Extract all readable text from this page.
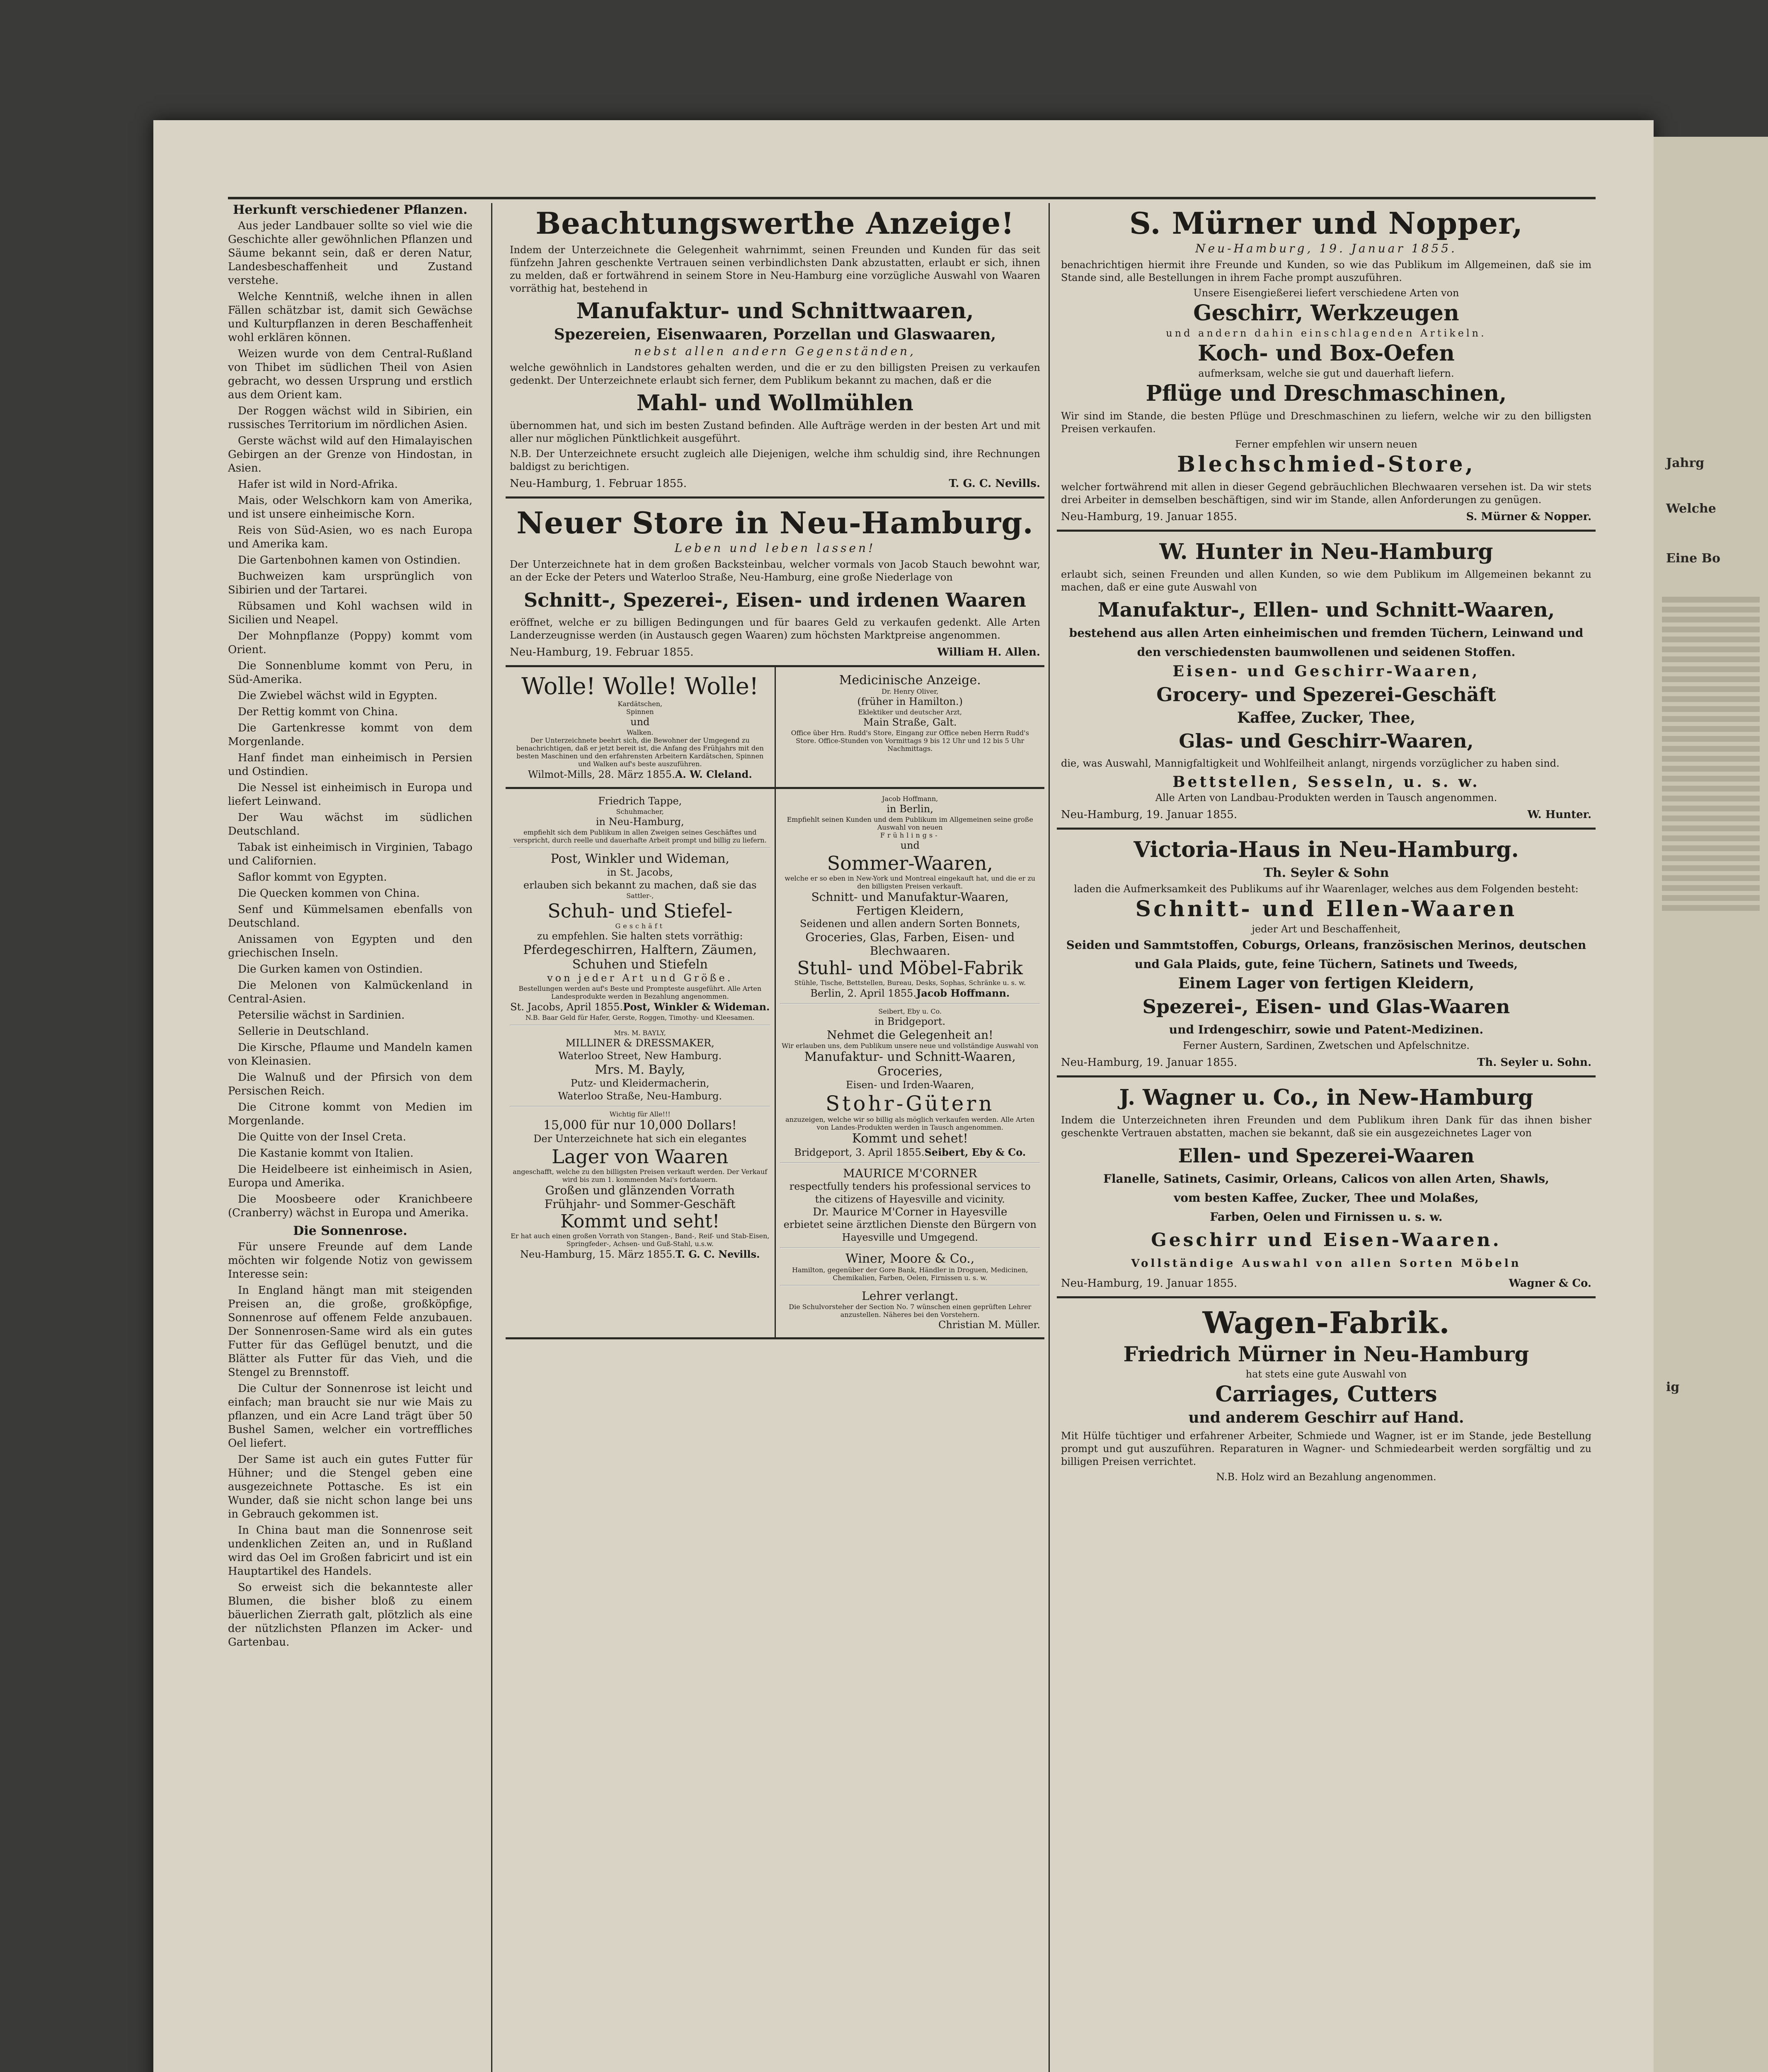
Herkunft verschiedener Pflanzen.

Aus jeder Landbauer sollte so viel wie die Geschichte aller gewöhnlichen Pflanzen und Säume bekannt sein, daß er deren Natur, Landesbeschaffenheit und Zustand verstehe.

Welche Kenntniß, welche ihnen in allen Fällen schätzbar ist, damit sich Gewächse und Kulturpflanzen in deren Beschaffenheit wohl erklären können.

Weizen wurde von dem Central-Rußland von Thibet im südlichen Theil von Asien gebracht, wo dessen Ursprung und erstlich aus dem Orient kam.

Der Roggen wächst wild in Sibirien, ein russisches Territorium im nördlichen Asien.

Gerste wächst wild auf den Himalayischen Gebirgen an der Grenze von Hindostan, in Asien.

Hafer ist wild in Nord-Afrika.

Mais, oder Welschkorn kam von Amerika, und ist unsere einheimische Korn.

Reis von Süd-Asien, wo es nach Europa und Amerika kam.

Die Gartenbohnen kamen von Ostindien.

Buchweizen kam ursprünglich von Sibirien und der Tartarei.

Rübsamen und Kohl wachsen wild in Sicilien und Neapel.

Der Mohnpflanze (Poppy) kommt vom Orient.

Die Sonnenblume kommt von Peru, in Süd-Amerika.

Die Zwiebel wächst wild in Egypten.

Der Rettig kommt von China.

Die Gartenkresse kommt von dem Morgenlande.

Hanf findet man einheimisch in Persien und Ostindien.

Die Nessel ist einheimisch in Europa und liefert Leinwand.

Der Wau wächst im südlichen Deutschland.

Tabak ist einheimisch in Virginien, Tabago und Californien.

Saflor kommt von Egypten.

Die Quecken kommen von China.

Senf und Kümmelsamen ebenfalls von Deutschland.

Anissamen von Egypten und den griechischen Inseln.

Die Gurken kamen von Ostindien.

Die Melonen von Kalmückenland in Central-Asien.

Petersilie wächst in Sardinien.

Sellerie in Deutschland.

Die Kirsche, Pflaume und Mandeln kamen von Kleinasien.

Die Walnuß und der Pfirsich von dem Persischen Reich.

Die Citrone kommt von Medien im Morgenlande.

Die Quitte von der Insel Creta.

Die Kastanie kommt von Italien.

Die Heidelbeere ist einheimisch in Asien, Europa und Amerika.

Die Moosbeere oder Kranichbeere (Cranberry) wächst in Europa und Amerika.

Die Sonnenrose.

Für unsere Freunde auf dem Lande möchten wir folgende Notiz von gewissem Interesse sein:

In England hängt man mit steigenden Preisen an, die große, großköpfige, Sonnenrose auf offenem Felde anzubauen. Der Sonnenrosen-Same wird als ein gutes Futter für das Geflügel benutzt, und die Blätter als Futter für das Vieh, und die Stengel zu Brennstoff.

Die Cultur der Sonnenrose ist leicht und einfach; man braucht sie nur wie Mais zu pflanzen, und ein Acre Land trägt über 50 Bushel Samen, welcher ein vortreffliches Oel liefert.

Der Same ist auch ein gutes Futter für Hühner; und die Stengel geben eine ausgezeichnete Pottasche. Es ist ein Wunder, daß sie nicht schon lange bei uns in Gebrauch gekommen ist.

In China baut man die Sonnenrose seit undenklichen Zeiten an, und in Rußland wird das Oel im Großen fabricirt und ist ein Hauptartikel des Handels.

So erweist sich die bekannteste aller Blumen, die bisher bloß zu einem bäuerlichen Zierrath galt, plötzlich als eine der nützlichsten Pflanzen im Acker- und Gartenbau.

Beachtungswerthe Anzeige!
Indem der Unterzeichnete die Gelegenheit wahrnimmt, seinen Freunden und Kunden für das seit fünfzehn Jahren geschenkte Vertrauen seinen verbindlichsten Dank abzustatten, erlaubt er sich, ihnen zu melden, daß er fortwährend in seinem Store in Neu-Hamburg eine vorzügliche Auswahl von Waaren vorräthig hat, bestehend in
Manufaktur- und Schnittwaaren,
Spezereien, Eisenwaaren, Porzellan und Glaswaaren,
nebst allen andern Gegenständen,
welche gewöhnlich in Landstores gehalten werden, und die er zu den billigsten Preisen zu verkaufen gedenkt. Der Unterzeichnete erlaubt sich ferner, dem Publikum bekannt zu machen, daß er die
Mahl- und Wollmühlen
übernommen hat, und sich im besten Zustand befinden. Alle Aufträge werden in der besten Art und mit aller nur möglichen Pünktlichkeit ausgeführt.
N.B. Der Unterzeichnete ersucht zugleich alle Diejenigen, welche ihm schuldig sind, ihre Rechnungen baldigst zu berichtigen.
Neu-Hamburg, 1. Februar 1855.	T. G. C. Nevills.
Neuer Store in Neu-Hamburg.
Leben und leben lassen!
Der Unterzeichnete hat in dem großen Backsteinbau, welcher vormals von Jacob Stauch bewohnt war, an der Ecke der Peters und Waterloo Straße, Neu-Hamburg, eine große Niederlage von
Schnitt-, Spezerei-, Eisen- und irdenen Waaren
eröffnet, welche er zu billigen Bedingungen und für baares Geld zu verkaufen gedenkt. Alle Arten Landerzeugnisse werden (in Austausch gegen Waaren) zum höchsten Marktpreise angenommen.
Neu-Hamburg, 19. Februar 1855.	William H. Allen.
Wolle! Wolle! Wolle!
Kardätschen,
Spinnen
und
Walken.
Der Unterzeichnete beehrt sich, die Bewohner der Umgegend zu benachrichtigen, daß er jetzt bereit ist, die Anfang des Frühjahrs mit den besten Maschinen und den erfahrensten Arbeitern Kardätschen, Spinnen und Walken auf's beste auszuführen.
Wilmot-Mills, 28. März 1855.A. W. Cleland.
Medicinische Anzeige.
Dr. Henry Oliver,
(früher in Hamilton.)
Eklektiker und deutscher Arzt,
Main Straße, Galt.
Office über Hrn. Rudd's Store, Eingang zur Office neben Herrn Rudd's Store. Office-Stunden von Vormittags 9 bis 12 Uhr und 12 bis 5 Uhr Nachmittags.
Friedrich Tappe,
Schuhmacher,
in Neu-Hamburg,
empfiehlt sich dem Publikum in allen Zweigen seines Geschäftes und verspricht, durch reelle und dauerhafte Arbeit prompt und billig zu liefern.
Post, Winkler und Wideman,
in St. Jacobs,
erlauben sich bekannt zu machen, daß sie das
Sattler-,
Schuh- und Stiefel-
Geschäft
zu empfehlen. Sie halten stets vorräthig:
Pferdegeschirren, Halftern, Zäumen,
Schuhen und Stiefeln
von jeder Art und Größe.
Bestellungen werden auf's Beste und Prompteste ausgeführt. Alle Arten Landesprodukte werden in Bezahlung angenommen.
St. Jacobs, April 1855.Post, Winkler & Wideman.
N.B. Baar Geld für Hafer, Gerste, Roggen, Timothy- und Kleesamen.
Mrs. M. BAYLY,
MILLINER & DRESSMAKER,
Waterloo Street, New Hamburg.
Mrs. M. Bayly,
Putz- und Kleidermacherin,
Waterloo Straße, Neu-Hamburg.
Wichtig für Alle!!!
15,000 für nur 10,000 Dollars!
Der Unterzeichnete hat sich ein elegantes
Lager von Waaren
angeschafft, welche zu den billigsten Preisen verkauft werden. Der Verkauf wird bis zum 1. kommenden Mai's fortdauern.
Großen und glänzenden Vorrath
Frühjahr- und Sommer-Geschäft
Kommt und seht!
Er hat auch einen großen Vorrath von Stangen-, Band-, Reif- und Stab-Eisen, Springfeder-, Achsen- und Guß-Stahl, u.s.w.
Neu-Hamburg, 15. März 1855.T. G. C. Nevills.
Jacob Hoffmann,
in Berlin,
Empfiehlt seinen Kunden und dem Publikum im Allgemeinen seine große Auswahl von neuen
Frühlings-
und
Sommer-Waaren,
welche er so eben in New-York und Montreal eingekauft hat, und die er zu den billigsten Preisen verkauft.
Schnitt- und Manufaktur-Waaren,
Fertigen Kleidern,
Seidenen und allen andern Sorten Bonnets,
Groceries, Glas, Farben, Eisen- und Blechwaaren.
Stuhl- und Möbel-Fabrik
Stühle, Tische, Bettstellen, Bureau, Desks, Sophas, Schränke u. s. w.
Berlin, 2. April 1855.Jacob Hoffmann.
Seibert, Eby u. Co.
in Bridgeport.
Nehmet die Gelegenheit an!
Wir erlauben uns, dem Publikum unsere neue und vollständige Auswahl von
Manufaktur- und Schnitt-Waaren,
Groceries,
Eisen- und Irden-Waaren,
Stohr-Gütern
anzuzeigen, welche wir so billig als möglich verkaufen werden. Alle Arten von Landes-Produkten werden in Tausch angenommen.
Kommt und sehet!
Bridgeport, 3. April 1855.Seibert, Eby & Co.
MAURICE M'CORNER
respectfully tenders his professional services to the citizens of Hayesville and vicinity.
Dr. Maurice M'Corner in Hayesville
erbietet seine ärztlichen Dienste den Bürgern von Hayesville und Umgegend.
Winer, Moore & Co.,
Hamilton, gegenüber der Gore Bank, Händler in Droguen, Medicinen, Chemikalien, Farben, Oelen, Firnissen u. s. w.
Lehrer verlangt.
Die Schulvorsteher der Section No. 7 wünschen einen geprüften Lehrer anzustellen. Näheres bei den Vorstehern.
Christian M. Müller.
S. Mürner und Nopper,
Neu-Hamburg, 19. Januar 1855.
benachrichtigen hiermit ihre Freunde und Kunden, so wie das Publikum im Allgemeinen, daß sie im Stande sind, alle Bestellungen in ihrem Fache prompt auszuführen.
Unsere Eisengießerei liefert verschiedene Arten von
Geschirr, Werkzeugen
und andern dahin einschlagenden Artikeln.
Koch- und Box-Oefen
aufmerksam, welche sie gut und dauerhaft liefern.
Pflüge und Dreschmaschinen,
Wir sind im Stande, die besten Pflüge und Dreschmaschinen zu liefern, welche wir zu den billigsten Preisen verkaufen.
Ferner empfehlen wir unsern neuen
Blechschmied-Store,
welcher fortwährend mit allen in dieser Gegend gebräuchlichen Blechwaaren versehen ist. Da wir stets drei Arbeiter in demselben beschäftigen, sind wir im Stande, allen Anforderungen zu genügen.
Neu-Hamburg, 19. Januar 1855.	S. Mürner & Nopper.
W. Hunter in Neu-Hamburg
erlaubt sich, seinen Freunden und allen Kunden, so wie dem Publikum im Allgemeinen bekannt zu machen, daß er eine gute Auswahl von
Manufaktur-, Ellen- und Schnitt-Waaren,
bestehend aus allen Arten einheimischen und fremden Tüchern, Leinwand und den verschiedensten baumwollenen und seidenen Stoffen.
Eisen- und Geschirr-Waaren,
Grocery- und Spezerei-Geschäft
Kaffee, Zucker, Thee,
Glas- und Geschirr-Waaren,
die, was Auswahl, Mannigfaltigkeit und Wohlfeilheit anlangt, nirgends vorzüglicher zu haben sind.
Bettstellen, Sesseln, u. s. w.
Alle Arten von Landbau-Produkten werden in Tausch angenommen.
Neu-Hamburg, 19. Januar 1855.	W. Hunter.
Victoria-Haus in Neu-Hamburg.
Th. Seyler & Sohn
laden die Aufmerksamkeit des Publikums auf ihr Waarenlager, welches aus dem Folgenden besteht:
Schnitt- und Ellen-Waaren
jeder Art und Beschaffenheit,
Seiden und Sammtstoffen, Coburgs, Orleans, französischen Merinos, deutschen und Gala Plaids, gute, feine Tüchern, Satinets und Tweeds,
Einem Lager von fertigen Kleidern,
Spezerei-, Eisen- und Glas-Waaren
und Irdengeschirr, sowie und Patent-Medizinen.
Ferner Austern, Sardinen, Zwetschen und Apfelschnitze.
Neu-Hamburg, 19. Januar 1855.	Th. Seyler u. Sohn.
J. Wagner u. Co., in New-Hamburg
Indem die Unterzeichneten ihren Freunden und dem Publikum ihren Dank für das ihnen bisher geschenkte Vertrauen abstatten, machen sie bekannt, daß sie ein ausgezeichnetes Lager von
Ellen- und Spezerei-Waaren
Flanelle, Satinets, Casimir, Orleans, Calicos von allen Arten, Shawls,
vom besten Kaffee, Zucker, Thee und Molaßes,
Farben, Oelen und Firnissen u. s. w.
Geschirr und Eisen-Waaren.
Vollständige Auswahl von allen Sorten Möbeln
Neu-Hamburg, 19. Januar 1855.	Wagner & Co.
Wagen-Fabrik.
Friedrich Mürner in Neu-Hamburg
hat stets eine gute Auswahl von
Carriages, Cutters
und anderem Geschirr auf Hand.
Mit Hülfe tüchtiger und erfahrener Arbeiter, Schmiede und Wagner, ist er im Stande, jede Bestellung prompt und gut auszuführen. Reparaturen in Wagner- und Schmiedearbeit werden sorgfältig und zu billigen Preisen verrichtet.
N.B. Holz wird an Bezahlung angenommen.
Jahrg
Welche
Eine Bo
ig
